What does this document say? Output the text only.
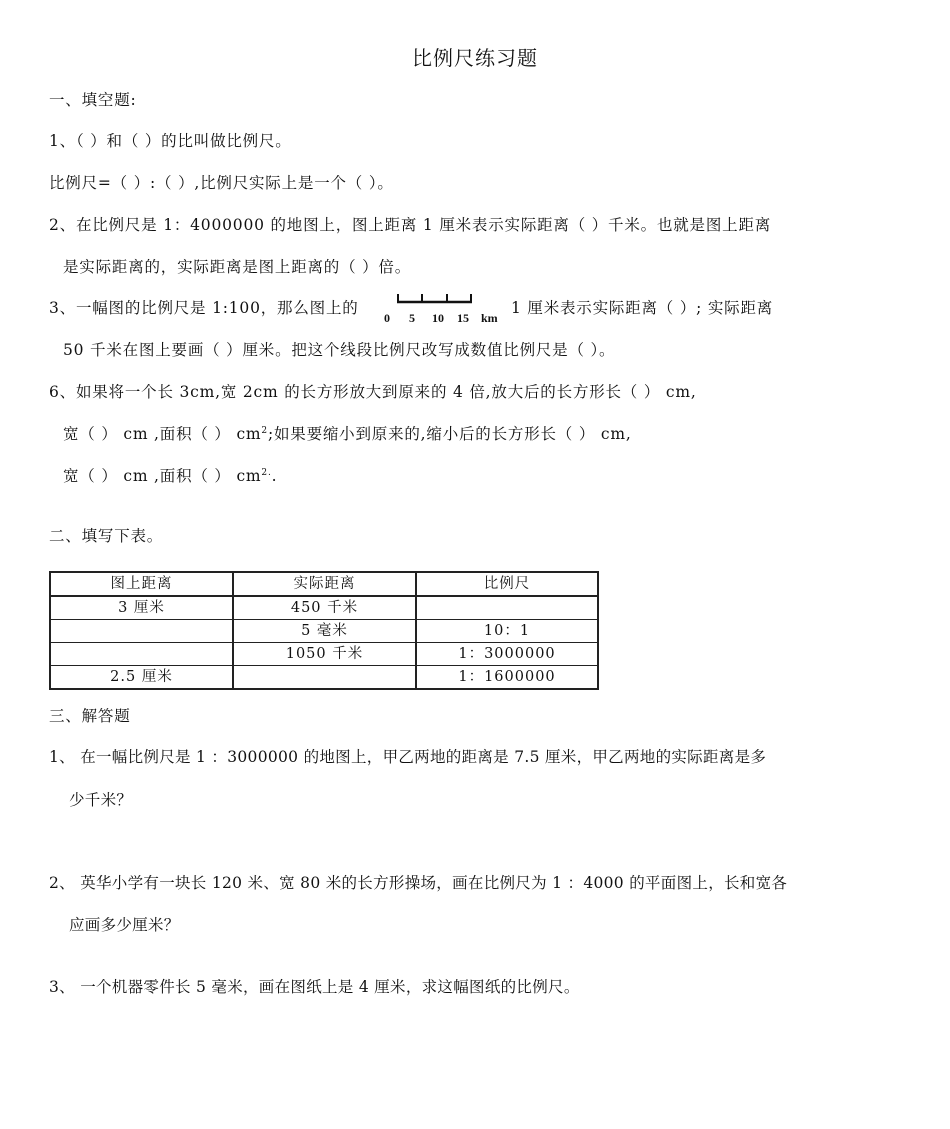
比例尺练习题
一、填空题:
1、（ ）和（ ）的比叫做比例尺。
比例尺=（ ）:（ ）,比例尺实际上是一个（ ）。
2、在比例尺是 1：4000000 的地图上，图上距离 1 厘米表示实际距离（ ）千米。也就是图上距离
是实际距离的，实际距离是图上距离的（ ）倍。
3、一幅图的比例尺是 1:100，那么图上的
0 5 10 15 km
1 厘米表示实际距离（ ）; 实际距离
50 千米在图上要画（ ）厘米。把这个线段比例尺改写成数值比例尺是（ ）。
6、如果将一个长 3cm,宽 2cm 的长方形放大到原来的 4 倍,放大后的长方形长（ ） cm,
宽（ ） cm ,面积（ ） $cm^2$;如果要缩小到原来的,缩小后的长方形长（ ） cm,
宽（ ） cm ,面积（ ） $cm^{2.}$.
二、填写下表。
图上距离	实际距离	比例尺
3 厘米	450 千米	
	5 毫米	10：1
	1050 千米	1：3000000
2.5 厘米		1：1600000
三、解答题
1、 在一幅比例尺是 1 ：3000000 的地图上，甲乙两地的距离是 7.5 厘米，甲乙两地的实际距离是多
少千米？
2、 英华小学有一块长 120 米、宽 80 米的长方形操场，画在比例尺为 1 ：4000 的平面图上，长和宽各
应画多少厘米？
3、 一个机器零件长 5 毫米，画在图纸上是 4 厘米，求这幅图纸的比例尺。
